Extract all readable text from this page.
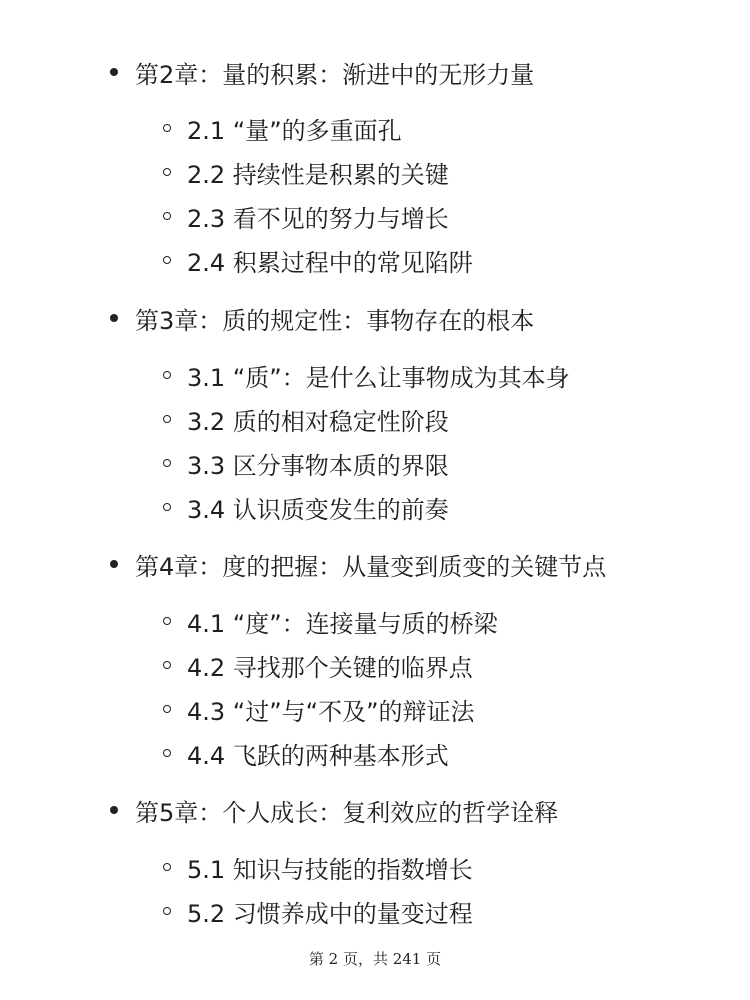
第2章：量的积累：渐进中的无形力量
2.1 “量”的多重面孔
2.2 持续性是积累的关键
2.3 看不见的努力与增长
2.4 积累过程中的常见陷阱
第3章：质的规定性：事物存在的根本
3.1 “质”：是什么让事物成为其本身
3.2 质的相对稳定性阶段
3.3 区分事物本质的界限
3.4 认识质变发生的前奏
第4章：度的把握：从量变到质变的关键节点
4.1 “度”：连接量与质的桥梁
4.2 寻找那个关键的临界点
4.3 “过”与“不及”的辩证法
4.4 飞跃的两种基本形式
第5章：个人成长：复利效应的哲学诠释
5.1 知识与技能的指数增长
5.2 习惯养成中的量变过程
第 2 页，共 241 页
